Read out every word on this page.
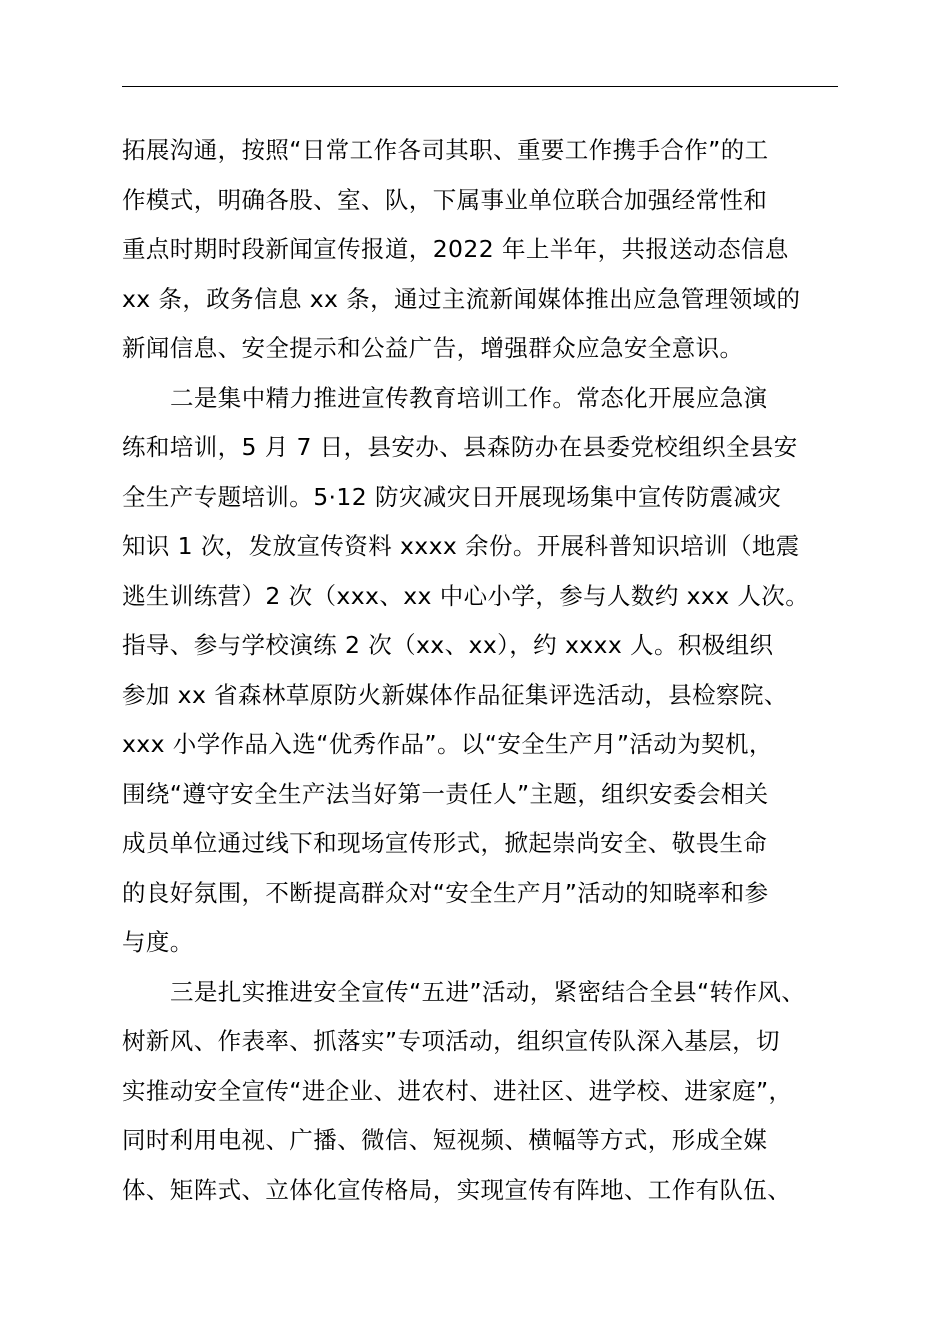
拓展沟通，按照“日常工作各司其职、重要工作携手合作”的工
作模式，明确各股、室、队，下属事业单位联合加强经常性和
重点时期时段新闻宣传报道，2022 年上半年，共报送动态信息
xx 条，政务信息 xx 条，通过主流新闻媒体推出应急管理领域的
新闻信息、安全提示和公益广告，增强群众应急安全意识。
二是集中精力推进宣传教育培训工作。常态化开展应急演
练和培训，5 月 7 日，县安办、县森防办在县委党校组织全县安
全生产专题培训。5·12 防灾减灾日开展现场集中宣传防震减灾
知识 1 次，发放宣传资料 xxxx 余份。开展科普知识培训（地震
逃生训练营）2 次（xxx、xx 中心小学，参与人数约 xxx 人次。
指导、参与学校演练 2 次（xx、xx），约 xxxx 人。积极组织
参加 xx 省森林草原防火新媒体作品征集评选活动，县检察院、
xxx 小学作品入选“优秀作品”。以“安全生产月”活动为契机，
围绕“遵守安全生产法当好第一责任人”主题，组织安委会相关
成员单位通过线下和现场宣传形式，掀起崇尚安全、敬畏生命
的良好氛围，不断提高群众对“安全生产月”活动的知晓率和参
与度。
三是扎实推进安全宣传“五进”活动，紧密结合全县“转作风、
树新风、作表率、抓落实”专项活动，组织宣传队深入基层，切
实推动安全宣传“进企业、进农村、进社区、进学校、进家庭”，
同时利用电视、广播、微信、短视频、横幅等方式，形成全媒
体、矩阵式、立体化宣传格局，实现宣传有阵地、工作有队伍、
